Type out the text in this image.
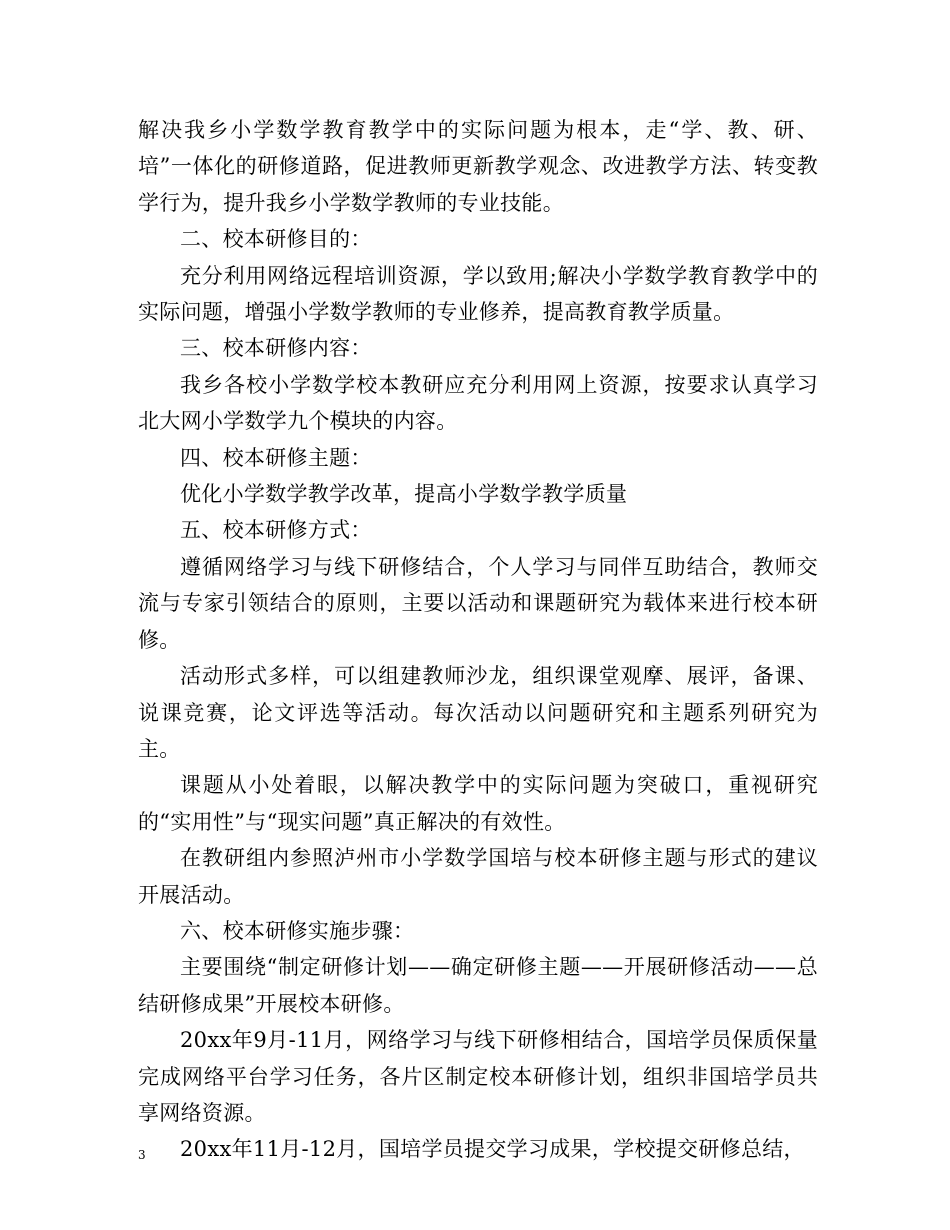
解决我乡小学数学教育教学中的实际问题为根本，走“学、教、研、培”一体化的研修道路，促进教师更新教学观念、改进教学方法、转变教学行为，提升我乡小学数学教师的专业技能。

二、校本研修目的：

充分利用网络远程培训资源，学以致用;解决小学数学教育教学中的实际问题，增强小学数学教师的专业修养，提高教育教学质量。

三、校本研修内容：

我乡各校小学数学校本教研应充分利用网上资源，按要求认真学习北大网小学数学九个模块的内容。

四、校本研修主题：

优化小学数学教学改革，提高小学数学教学质量

五、校本研修方式：

遵循网络学习与线下研修结合，个人学习与同伴互助结合，教师交流与专家引领结合的原则，主要以活动和课题研究为载体来进行校本研修。

活动形式多样，可以组建教师沙龙，组织课堂观摩、展评，备课、说课竞赛，论文评选等活动。每次活动以问题研究和主题系列研究为主。

课题从小处着眼，以解决教学中的实际问题为突破口，重视研究的“实用性”与“现实问题”真正解决的有效性。

在教研组内参照泸州市小学数学国培与校本研修主题与形式的建议开展活动。

六、校本研修实施步骤：

主要围绕“制定研修计划——确定研修主题——开展研修活动——总结研修成果”开展校本研修。

20xx年9月-11月，网络学习与线下研修相结合，国培学员保质保量完成网络平台学习任务，各片区制定校本研修计划，组织非国培学员共享网络资源。

20xx年11月-12月，国培学员提交学习成果，学校提交研修总结，

3
